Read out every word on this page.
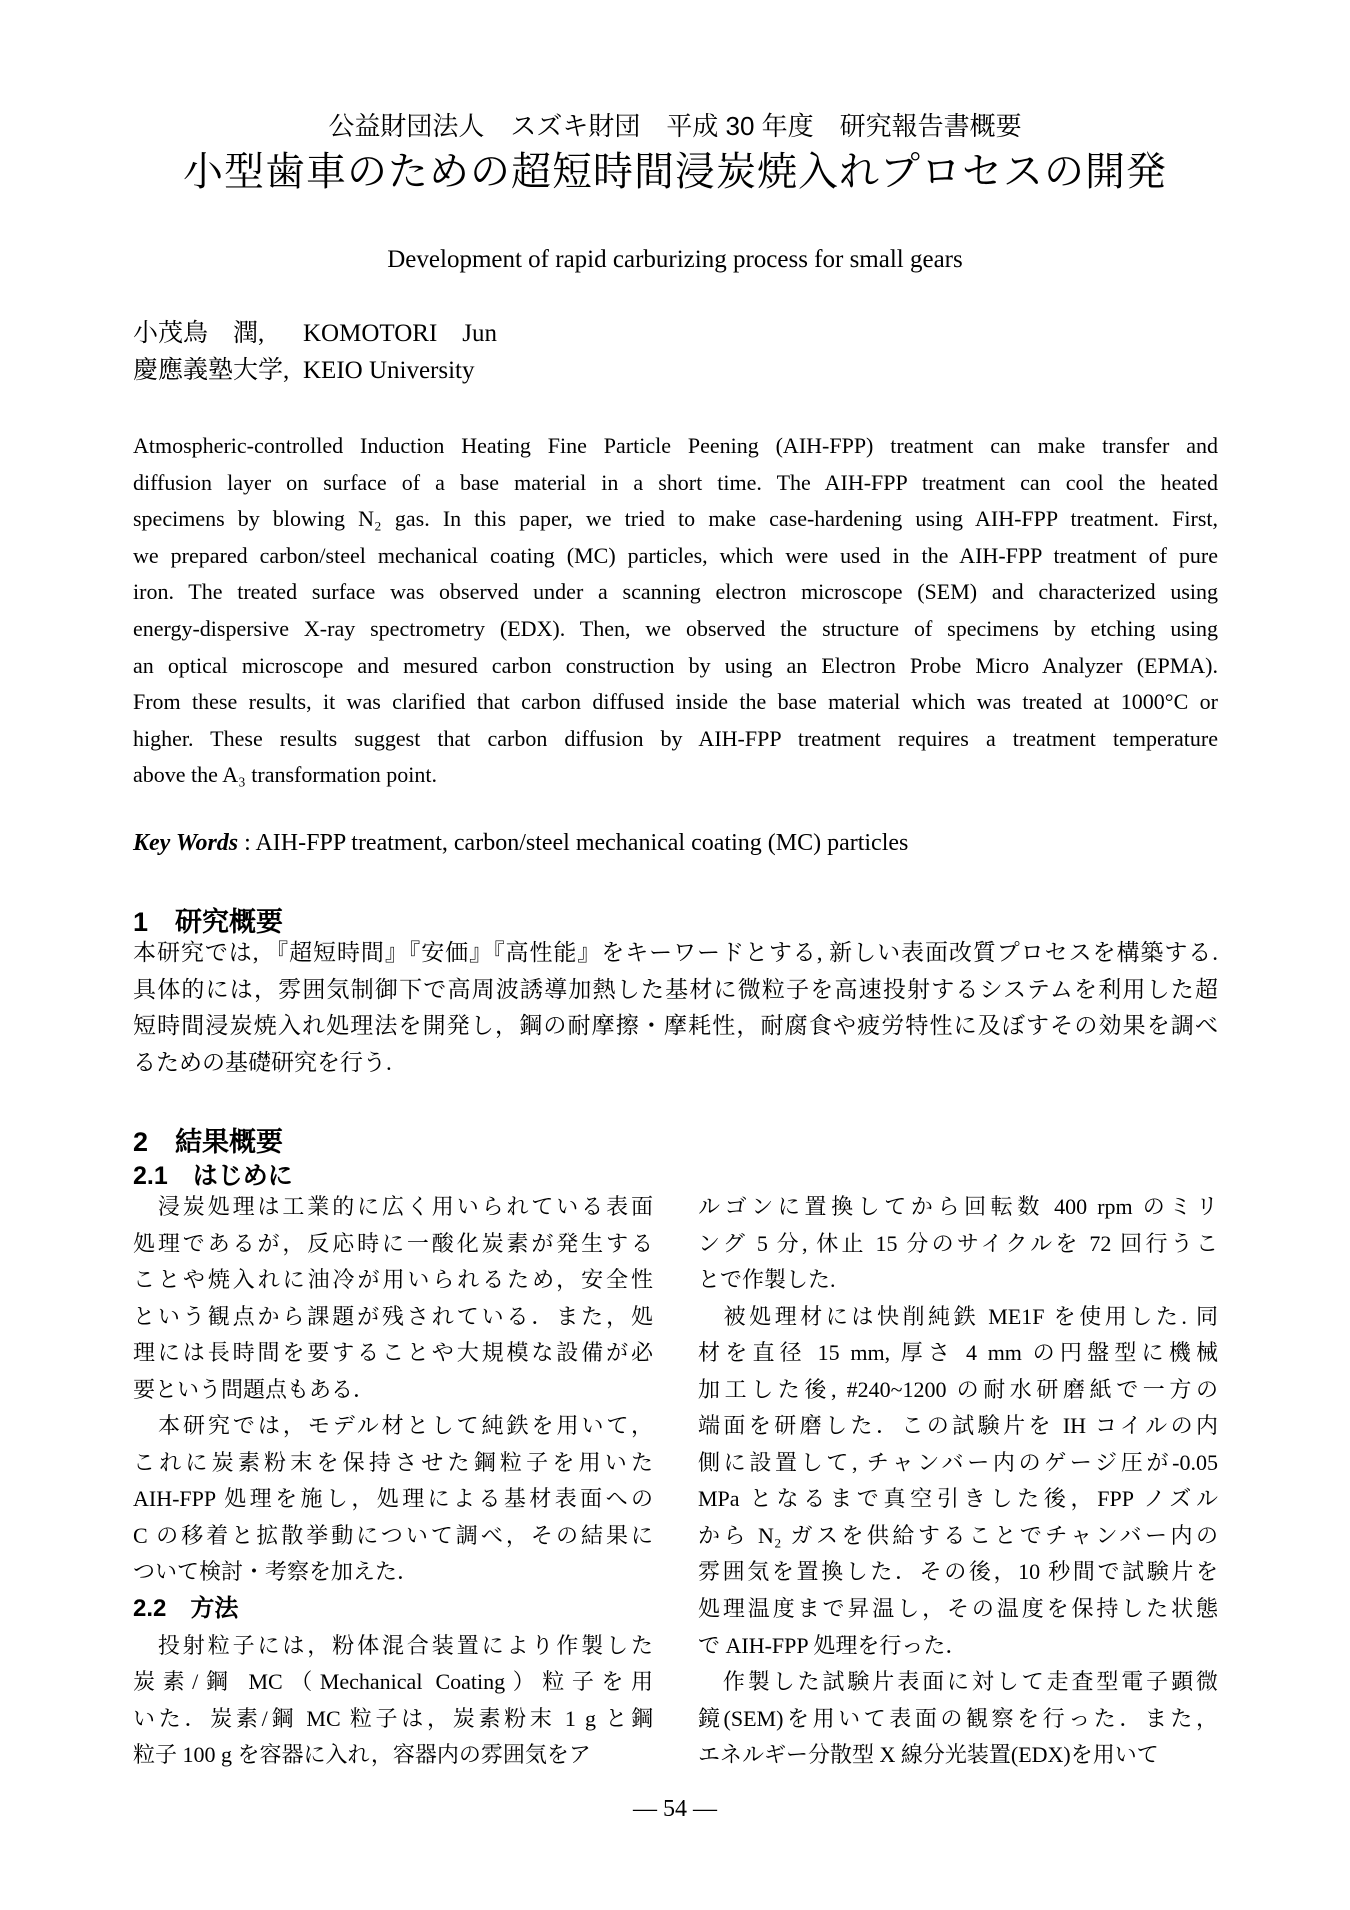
公益財団法人　スズキ財団　平成 30 年度　研究報告書概要
小型歯車のための超短時間浸炭焼入れプロセスの開発
Development of rapid carburizing process for small gears
小茂鳥　潤,	KOMOTORI　Jun
慶應義塾大学, KEIO University
Atmospheric-controlled Induction Heating Fine Particle Peening (AIH-FPP) treatment can make transfer and
diffusion layer on surface of a base material in a short time. The AIH-FPP treatment can cool the heated
specimens by blowing N₂ gas. In this paper, we tried to make case-hardening using AIH-FPP treatment. First,
we prepared carbon/steel mechanical coating (MC) particles, which were used in the AIH-FPP treatment of pure
iron. The treated surface was observed under a scanning electron microscope (SEM) and characterized using
energy-dispersive X-ray spectrometry (EDX). Then, we observed the structure of specimens by etching using
an optical microscope and mesured carbon construction by using an Electron Probe Micro Analyzer (EPMA).
From these results, it was clarified that carbon diffused inside the base material which was treated at 1000°C or
higher. These results suggest that carbon diffusion by AIH-FPP treatment requires a treatment temperature
above the A₃ transformation point.
Key Words : AIH-FPP treatment, carbon/steel mechanical coating (MC) particles
1　研究概要
本研究では, 『超短時間』『安価』『高性能』をキーワードとする, 新しい表面改質プロセスを構築する.
具体的には，雰囲気制御下で高周波誘導加熱した基材に微粒子を高速投射するシステムを利用した超
短時間浸炭焼入れ処理法を開発し，鋼の耐摩擦・摩耗性，耐腐食や疲労特性に及ぼすその効果を調べ
るための基礎研究を行う.
2　結果概要
2.1　はじめに
　浸炭処理は工業的に広く用いられている表面
処理であるが，反応時に一酸化炭素が発生する
ことや焼入れに油冷が用いられるため，安全性
という観点から課題が残されている．また，処
理には長時間を要することや大規模な設備が必
要という問題点もある．
　本研究では，モデル材として純鉄を用いて，
これに炭素粉末を保持させた鋼粒子を用いた
AIH-FPP 処理を施し，処理による基材表面への
C の移着と拡散挙動について調べ，その結果に
ついて検討・考察を加えた．
2.2　方法
　投射粒子には，粉体混合装置により作製した
炭素/鋼 MC（Mechanical Coating）粒子を用
いた．炭素/鋼 MC 粒子は，炭素粉末 1 g と鋼
粒子 100 g を容器に入れ，容器内の雰囲気をア
ルゴンに置換してから回転数 400 rpm のミリ
ング 5 分, 休止 15 分のサイクルを 72 回行うこ
とで作製した.
　被処理材には快削純鉄 ME1F を使用した. 同
材を直径 15 mm, 厚さ 4 mm の円盤型に機械
加工した後, #240~1200 の耐水研磨紙で一方の
端面を研磨した．この試験片を IH コイルの内
側に設置して, チャンバー内のゲージ圧が-0.05
MPa となるまで真空引きした後，FPP ノズル
から N₂ ガスを供給することでチャンバー内の
雰囲気を置換した．その後，10 秒間で試験片を
処理温度まで昇温し，その温度を保持した状態
で AIH-FPP 処理を行った．
　作製した試験片表面に対して走査型電子顕微
鏡(SEM)を用いて表面の観察を行った．また，
エネルギー分散型 X 線分光装置(EDX)を用いて
— 54 —
